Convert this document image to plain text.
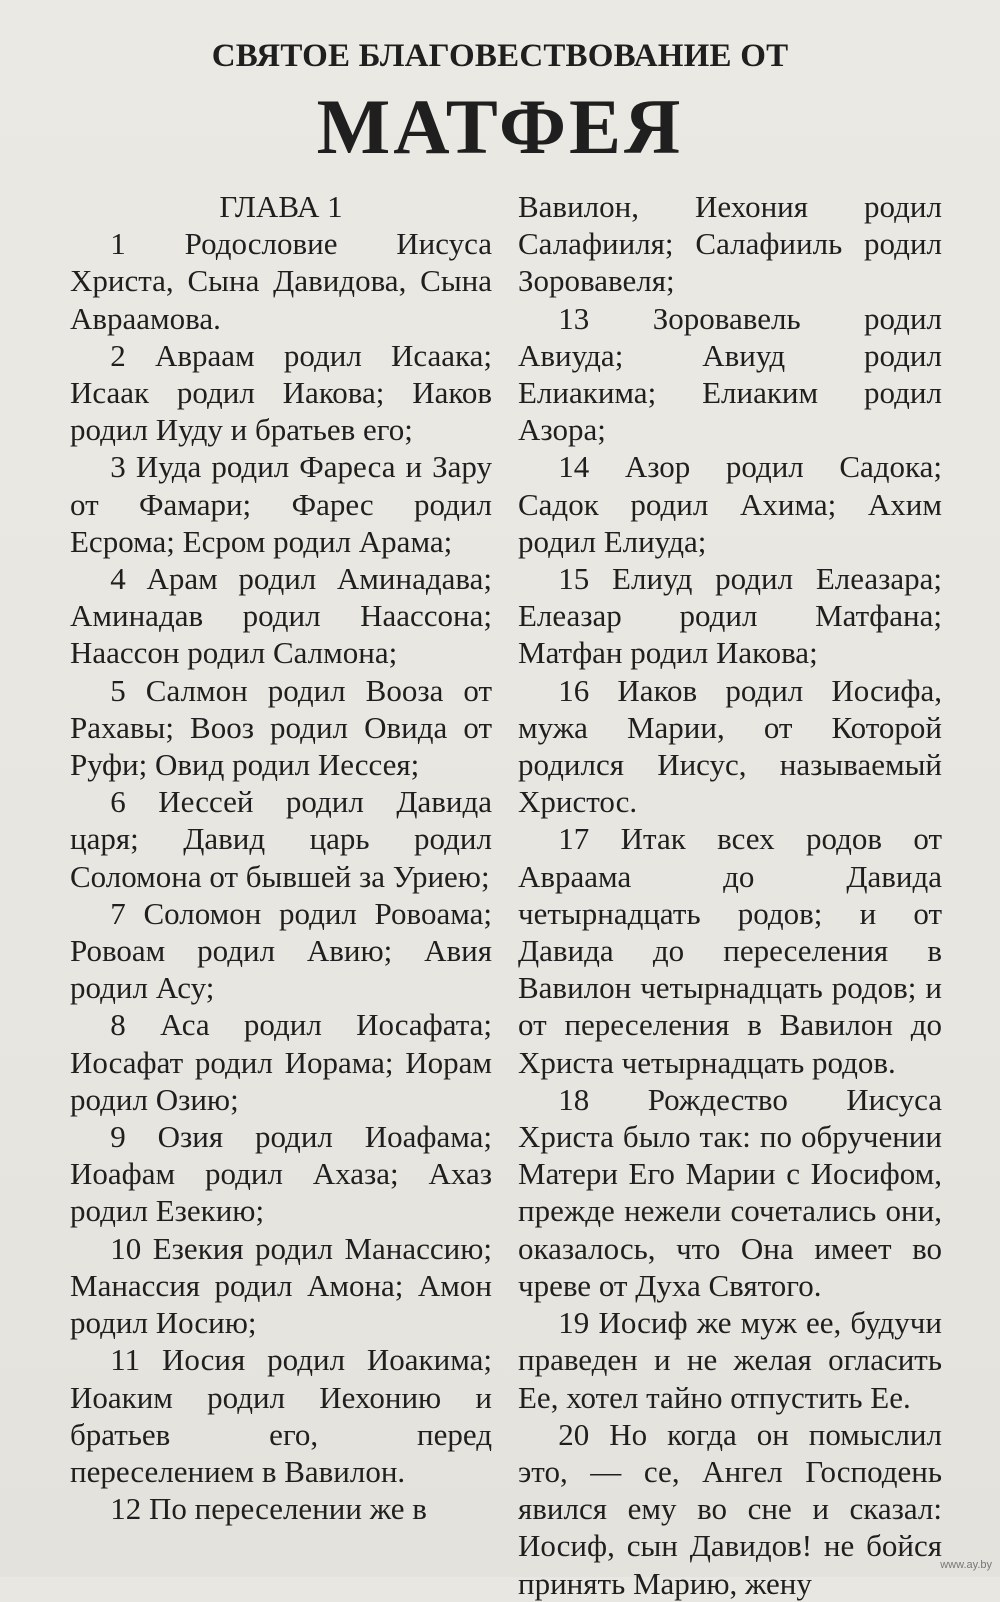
СВЯТОЕ БЛАГОВЕСТВОВАНИЕ ОТ
МАТФЕЯ

ГЛАВА 1

1 Родословие Иисуса Христа, Сына Давидова, Сына Авраамова.

2 Авраам родил Исаака; Исаак родил Иакова; Иаков родил Иуду и братьев его;

3 Иуда родил Фареса и Зару от Фамари; Фарес родил Есрома; Есром родил Арама;

4 Арам родил Аминадава; Аминадав родил Наассона; Наассон родил Салмона;

5 Салмон родил Вооза от Рахавы; Вооз родил Овида от Руфи; Овид родил Иессея;

6 Иессей родил Давида царя; Давид царь родил Соломона от бывшей за Уриею;

7 Соломон родил Ровоама; Ровоам родил Авию; Авия родил Асу;

8 Аса родил Иосафата; Иосафат родил Иорама; Иорам родил Озию;

9 Озия родил Иоафама; Иоафам родил Ахаза; Ахаз родил Езекию;

10 Езекия родил Манассию; Манассия родил Амона; Амон родил Иосию;

11 Иосия родил Иоакима; Иоаким родил Иехонию и братьев его, перед переселением в Вавилон.

12 По переселении же в

Вавилон, Иехония родил Салафииля; Салафииль родил Зоровавеля;

13 Зоровавель родил Авиуда; Авиуд родил Елиакима; Елиаким родил Азора;

14 Азор родил Садока; Садок родил Ахима; Ахим родил Елиуда;

15 Елиуд родил Елеазара; Елеазар родил Матфана; Матфан родил Иакова;

16 Иаков родил Иосифа, мужа Марии, от Которой родился Иисус, называемый Христос.

17 Итак всех родов от Авраама до Давида четырнадцать родов; и от Давида до переселения в Вавилон четырнадцать родов; и от переселения в Вавилон до Христа четырнадцать родов.

18 Рождество Иисуса Христа было так: по обручении Матери Его Марии с Иосифом, прежде нежели сочетались они, оказалось, что Она имеет во чреве от Духа Святого.

19 Иосиф же муж ее, будучи праведен и не желая огласить Ее, хотел тайно отпустить Ее.

20 Но когда он помыслил это, — се, Ангел Господень явился ему во сне и сказал: Иосиф, сын Давидов! не бойся принять Марию, жену

www.ay.by
